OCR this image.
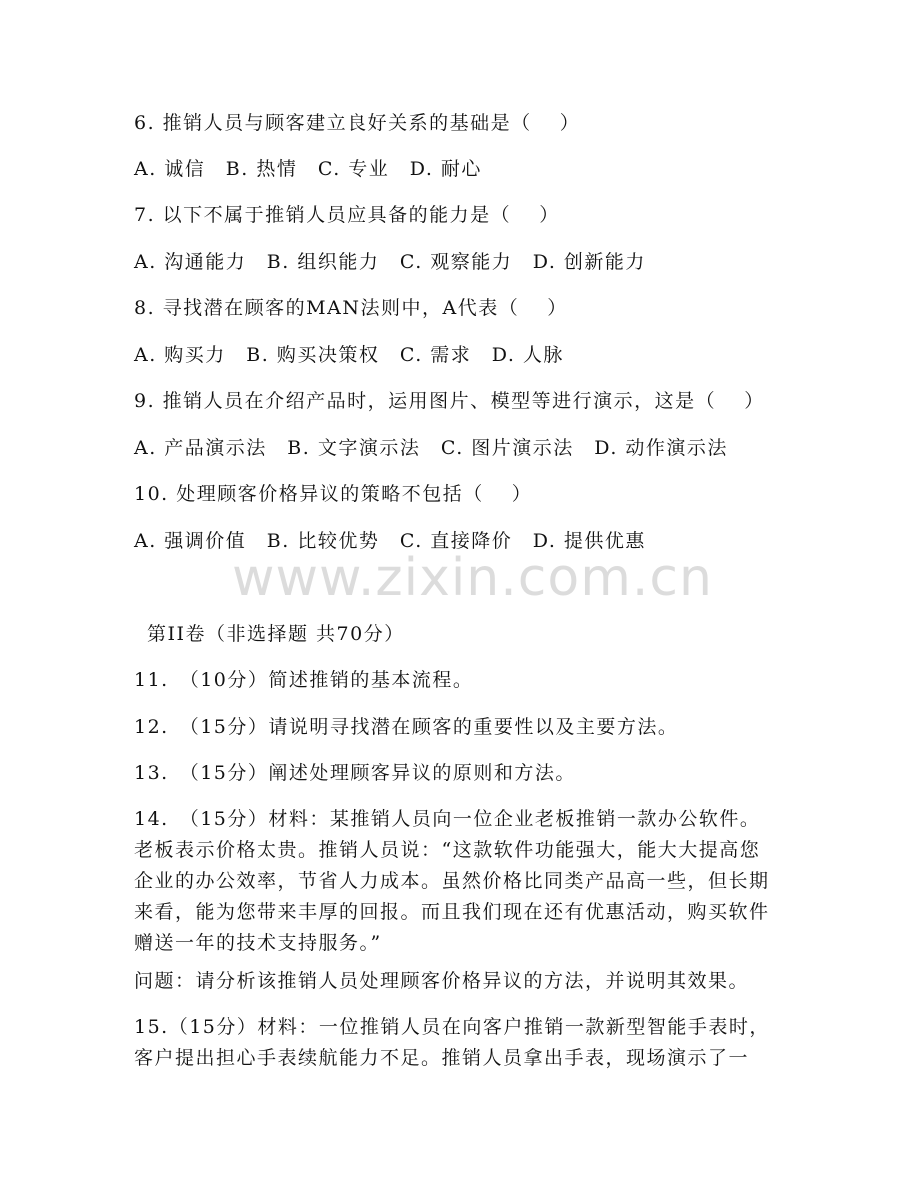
6. 推销人员与顾客建立良好关系的基础是（　 ）
A. 诚信　B. 热情　C. 专业　D. 耐心
7. 以下不属于推销人员应具备的能力是（　 ）
A. 沟通能力　B. 组织能力　C. 观察能力　D. 创新能力
8. 寻找潜在顾客的MAN法则中，A代表（　 ）
A. 购买力　B. 购买决策权　C. 需求　D. 人脉
9. 推销人员在介绍产品时，运用图片、模型等进行演示，这是（　 ）
A. 产品演示法　B. 文字演示法　C. 图片演示法　D. 动作演示法
10. 处理顾客价格异议的策略不包括（　 ）
A. 强调价值　B. 比较优势　C. 直接降价　D. 提供优惠
www.zixin.com.cn
第II卷（非选择题 共70分）
11.　（10分）简述推销的基本流程。
12.　（15分）请说明寻找潜在顾客的重要性以及主要方法。
13.　（15分）阐述处理顾客异议的原则和方法。
14.　（15分）材料：某推销人员向一位企业老板推销一款办公软件。老板表示价格太贵。推销人员说：“这款软件功能强大，能大大提高您企业的办公效率，节省人力成本。虽然价格比同类产品高一些，但长期来看，能为您带来丰厚的回报。而且我们现在还有优惠活动，购买软件赠送一年的技术支持服务。”
问题：请分析该推销人员处理顾客价格异议的方法，并说明其效果。
15.（15分）材料：一位推销人员在向客户推销一款新型智能手表时，客户提出担心手表续航能力不足。推销人员拿出手表，现场演示了一
